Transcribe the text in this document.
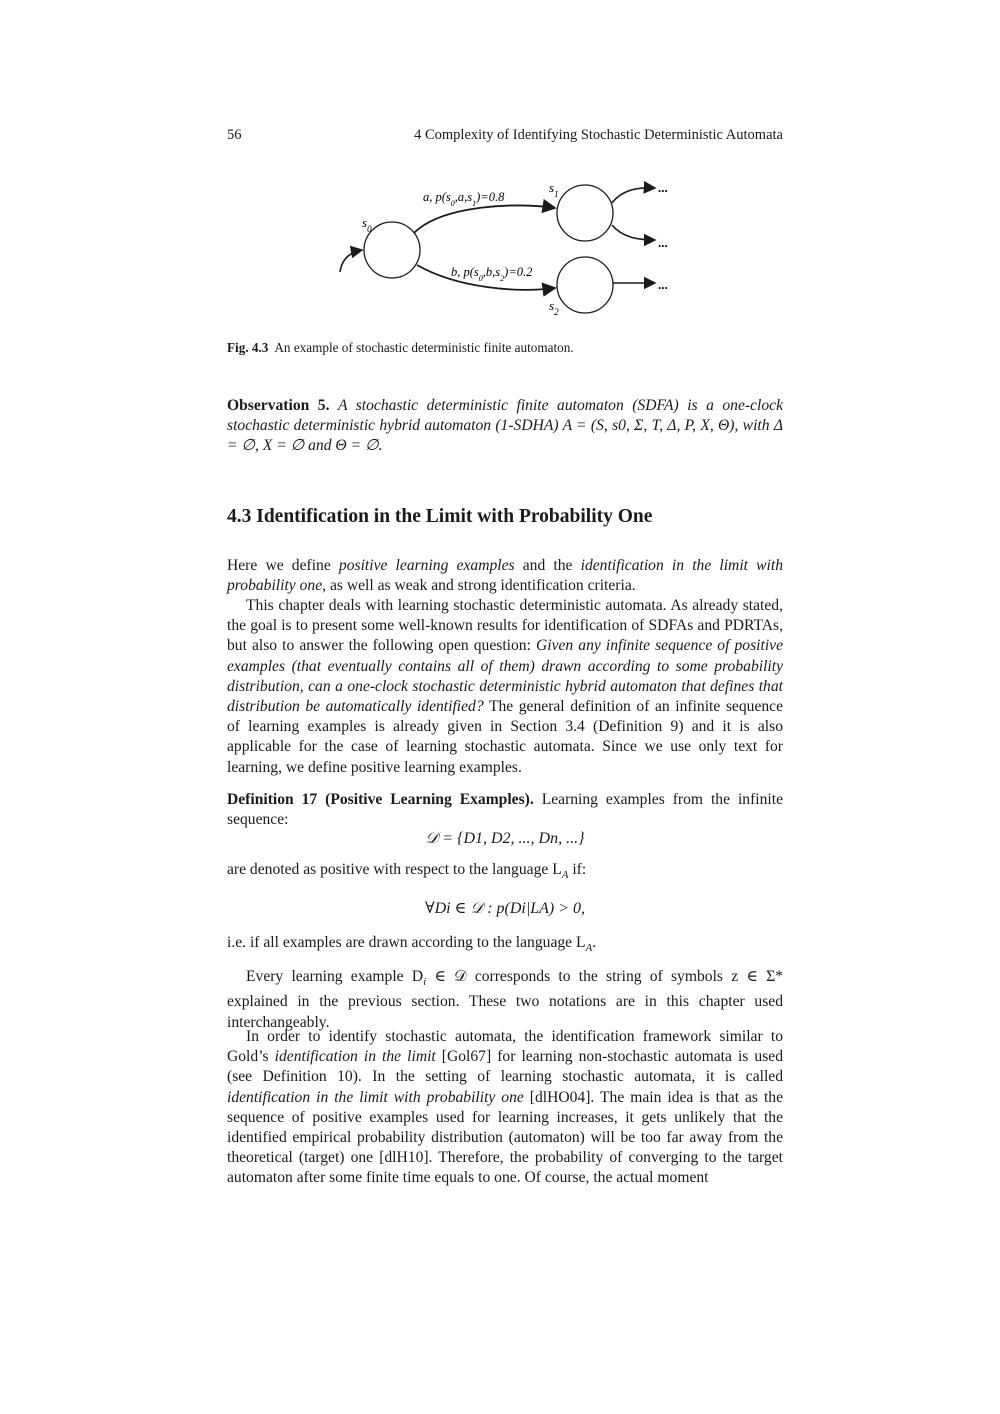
56	4 Complexity of Identifying Stochastic Deterministic Automata
$s_0$
$s_1$
$s_2$
a, $p(s_0,a,s_1)=0.8$
b, $p(s_0,b,s_2)=0.2$
...
...
...
Fig. 4.3 An example of stochastic deterministic finite automaton.
Observation 5. A stochastic deterministic finite automaton (SDFA) is a one-clock stochastic deterministic hybrid automaton (1-SDHA) A = (S, s0, Σ, T, Δ, P, X, Θ), with Δ = ∅, X = ∅ and Θ = ∅.
4.3 Identification in the Limit with Probability One
Here we define positive learning examples and the identification in the limit with probability one, as well as weak and strong identification criteria.
This chapter deals with learning stochastic deterministic automata. As already stated, the goal is to present some well-known results for identification of SDFAs and PDRTAs, but also to answer the following open question: Given any infinite sequence of positive examples (that eventually contains all of them) drawn according to some probability distribution, can a one-clock stochastic deterministic hybrid automaton that defines that distribution be automatically identified? The general definition of an infinite sequence of learning examples is already given in Section 3.4 (Definition 9) and it is also applicable for the case of learning stochastic automata. Since we use only text for learning, we define positive learning examples.
Definition 17 (Positive Learning Examples). Learning examples from the infinite sequence:
𝒟 = {D1, D2, ..., Dn, ...}
are denoted as positive with respect to the language $L_A$ if:
∀Di ∈ 𝒟 : p(Di|LA) > 0,
i.e. if all examples are drawn according to the language $L_A$.
Every learning example $D_i$ ∈ 𝒟 corresponds to the string of symbols z ∈ Σ* explained in the previous section. These two notations are in this chapter used interchangeably.
In order to identify stochastic automata, the identification framework similar to Gold’s identification in the limit [Gol67] for learning non-stochastic automata is used (see Definition 10). In the setting of learning stochastic automata, it is called identification in the limit with probability one [dlHO04]. The main idea is that as the sequence of positive examples used for learning increases, it gets unlikely that the identified empirical probability distribution (automaton) will be too far away from the theoretical (target) one [dlH10]. Therefore, the probability of converging to the target automaton after some finite time equals to one. Of course, the actual moment
